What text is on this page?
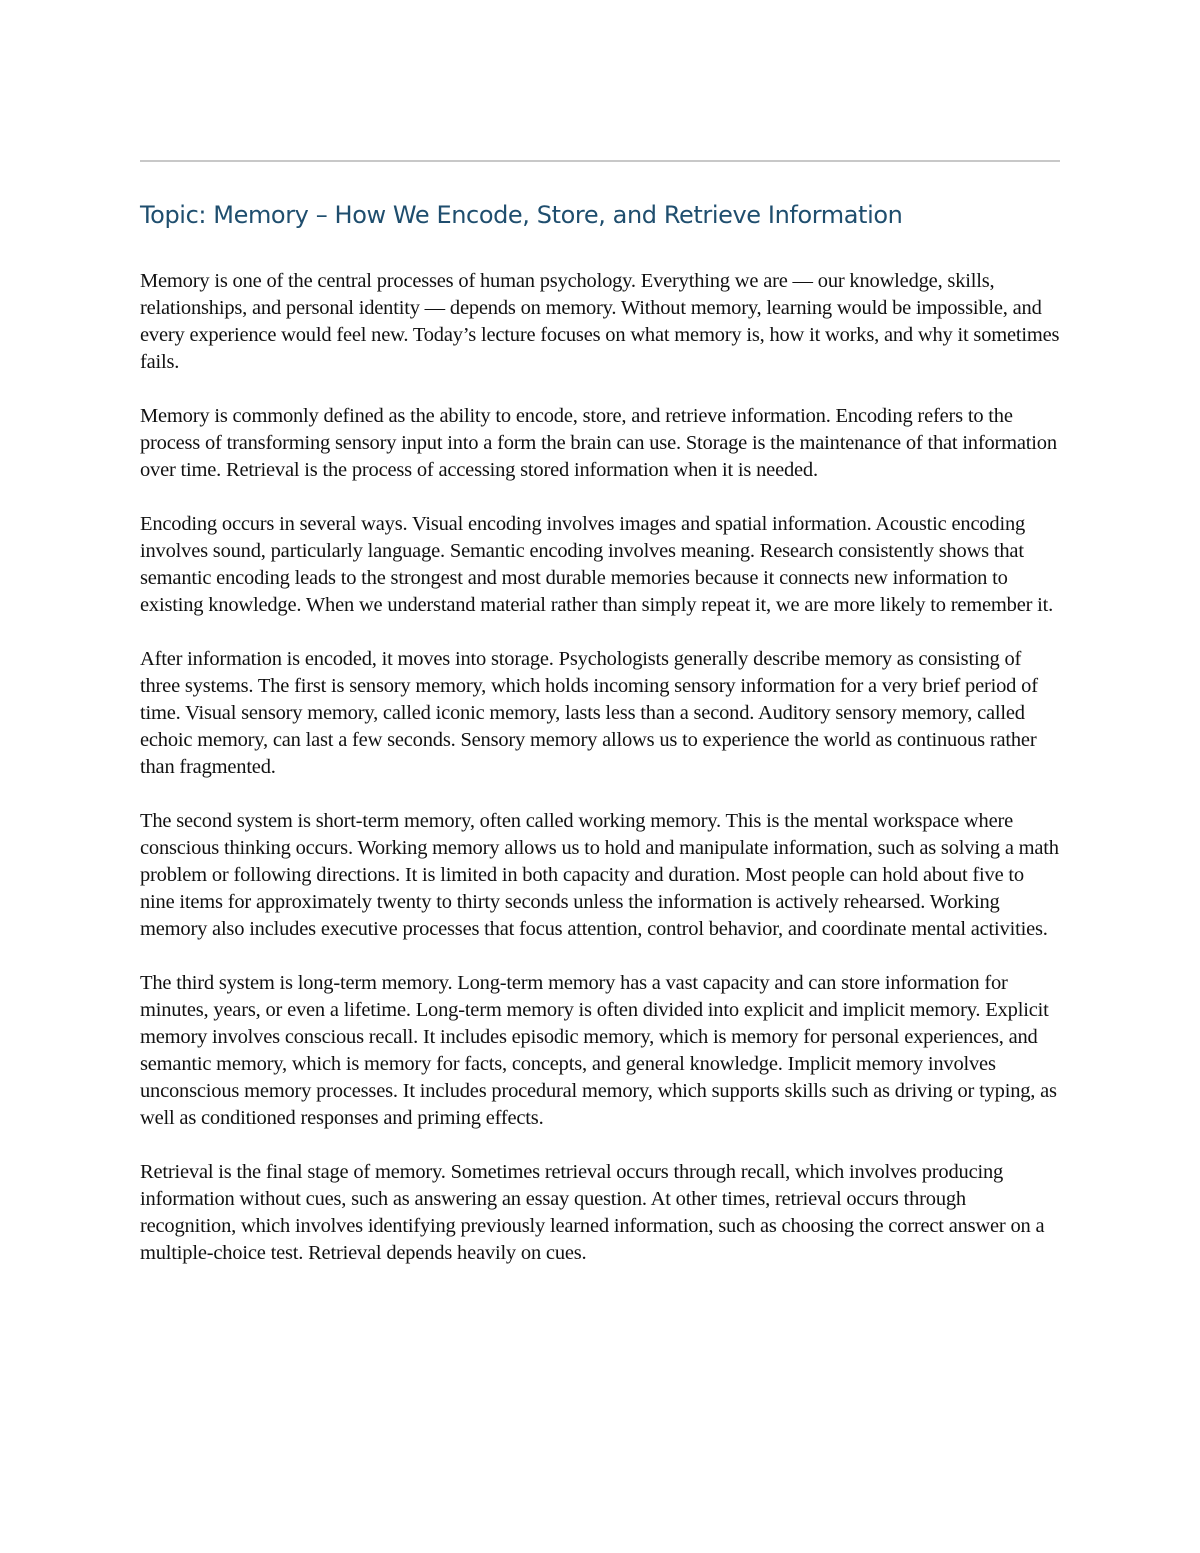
Topic: Memory – How We Encode, Store, and Retrieve Information

Memory is one of the central processes of human psychology. Everything we are — our knowledge, skills, relationships, and personal identity — depends on memory. Without memory, learning would be impossible, and every experience would feel new. Today’s lecture focuses on what memory is, how it works, and why it sometimes fails.

Memory is commonly defined as the ability to encode, store, and retrieve information. Encoding refers to the process of transforming sensory input into a form the brain can use. Storage is the maintenance of that information over time. Retrieval is the process of accessing stored information when it is needed.

Encoding occurs in several ways. Visual encoding involves images and spatial information. Acoustic encoding involves sound, particularly language. Semantic encoding involves meaning. Research consistently shows that semantic encoding leads to the strongest and most durable memories because it connects new information to existing knowledge. When we understand material rather than simply repeat it, we are more likely to remember it.

After information is encoded, it moves into storage. Psychologists generally describe memory as consisting of three systems. The first is sensory memory, which holds incoming sensory information for a very brief period of time. Visual sensory memory, called iconic memory, lasts less than a second. Auditory sensory memory, called echoic memory, can last a few seconds. Sensory memory allows us to experience the world as continuous rather than fragmented.

The second system is short-term memory, often called working memory. This is the mental workspace where conscious thinking occurs. Working memory allows us to hold and manipulate information, such as solving a math problem or following directions. It is limited in both capacity and duration. Most people can hold about five to nine items for approximately twenty to thirty seconds unless the information is actively rehearsed. Working memory also includes executive processes that focus attention, control behavior, and coordinate mental activities.

The third system is long-term memory. Long-term memory has a vast capacity and can store information for minutes, years, or even a lifetime. Long-term memory is often divided into explicit and implicit memory. Explicit memory involves conscious recall. It includes episodic memory, which is memory for personal experiences, and semantic memory, which is memory for facts, concepts, and general knowledge. Implicit memory involves unconscious memory processes. It includes procedural memory, which supports skills such as driving or typing, as well as conditioned responses and priming effects.

Retrieval is the final stage of memory. Sometimes retrieval occurs through recall, which involves producing information without cues, such as answering an essay question. At other times, retrieval occurs through recognition, which involves identifying previously learned information, such as choosing the correct answer on a multiple-choice test. Retrieval depends heavily on cues.
